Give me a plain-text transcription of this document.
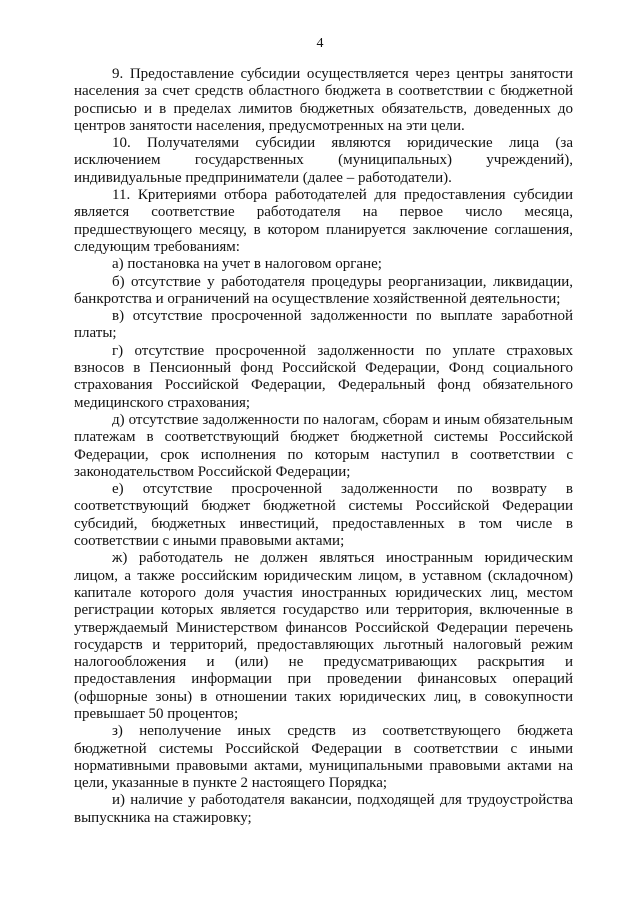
4

9. Предоставление субсидии осуществляется через центры занятости населения за счет средств областного бюджета в соответствии с бюджетной росписью и в пределах лимитов бюджетных обязательств, доведенных до центров занятости населения, предусмотренных на эти цели.

10. Получателями субсидии являются юридические лица (за исключением государственных (муниципальных) учреждений), индивидуальные предприниматели (далее – работодатели).

11. Критериями отбора работодателей для предоставления субсидии является соответствие работодателя на первое число месяца, предшествующего месяцу, в котором планируется заключение соглашения, следующим требованиям:

а) постановка на учет в налоговом органе;

б) отсутствие у работодателя процедуры реорганизации, ликвидации, банкротства и ограничений на осуществление хозяйственной деятельности;

в) отсутствие просроченной задолженности по выплате заработной платы;

г) отсутствие просроченной задолженности по уплате страховых взносов в Пенсионный фонд Российской Федерации, Фонд социального страхования Российской Федерации, Федеральный фонд обязательного медицинского страхования;

д) отсутствие задолженности по налогам, сборам и иным обязательным платежам в соответствующий бюджет бюджетной системы Российской Федерации, срок исполнения по которым наступил в соответствии с законодательством Российской Федерации;

е) отсутствие просроченной задолженности по возврату в соответствующий бюджет бюджетной системы Российской Федерации субсидий, бюджетных инвестиций, предоставленных в том числе в соответствии с иными правовыми актами;

ж) работодатель не должен являться иностранным юридическим лицом, а также российским юридическим лицом, в уставном (складочном) капитале которого доля участия иностранных юридических лиц, местом регистрации которых является государство или территория, включенные в утверждаемый Министерством финансов Российской Федерации перечень государств и территорий, предоставляющих льготный налоговый режим налогообложения и (или) не предусматривающих раскрытия и предоставления информации при проведении финансовых операций (офшорные зоны) в отношении таких юридических лиц, в совокупности превышает 50 процентов;

з) неполучение иных средств из соответствующего бюджета бюджетной системы Российской Федерации в соответствии с иными нормативными правовыми актами, муниципальными правовыми актами на цели, указанные в пункте 2 настоящего Порядка;

и) наличие у работодателя вакансии, подходящей для трудоустройства выпускника на стажировку;
